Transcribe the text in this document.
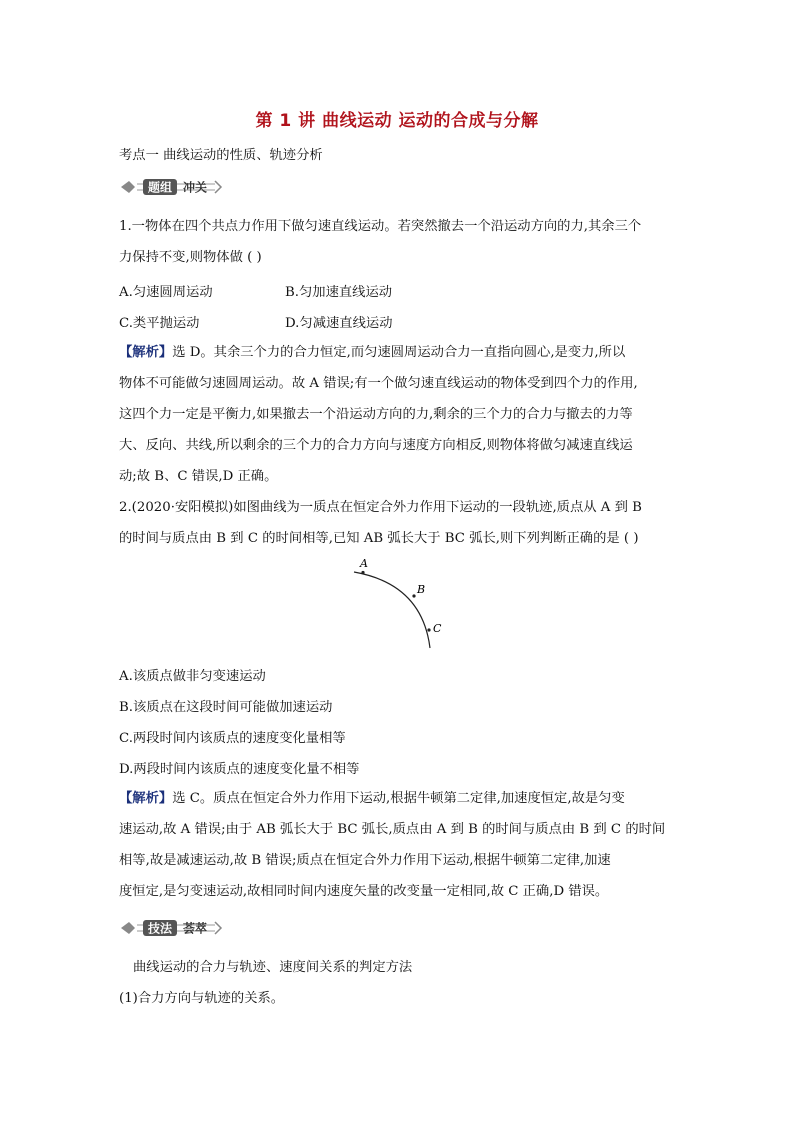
第 1 讲 曲线运动 运动的合成与分解
考点一 曲线运动的性质、轨迹分析
题组 冲关
1.一物体在四个共点力作用下做匀速直线运动。若突然撤去一个沿运动方向的力,其余三个
力保持不变,则物体做 ( )
A.匀速圆周运动	B.匀加速直线运动
C.类平抛运动	D.匀减速直线运动
【解析】选 D。其余三个力的合力恒定,而匀速圆周运动合力一直指向圆心,是变力,所以
物体不可能做匀速圆周运动。故 A 错误;有一个做匀速直线运动的物体受到四个力的作用,
这四个力一定是平衡力,如果撤去一个沿运动方向的力,剩余的三个力的合力与撤去的力等
大、反向、共线,所以剩余的三个力的合力方向与速度方向相反,则物体将做匀减速直线运
动;故 B、C 错误,D 正确。
2.(2020·安阳模拟)如图曲线为一质点在恒定合外力作用下运动的一段轨迹,质点从 A 到 B
的时间与质点由 B 到 C 的时间相等,已知 AB 弧长大于 BC 弧长,则下列判断正确的是 ( )
A
B
C
A.该质点做非匀变速运动
B.该质点在这段时间可能做加速运动
C.两段时间内该质点的速度变化量相等
D.两段时间内该质点的速度变化量不相等
【解析】选 C。质点在恒定合外力作用下运动,根据牛顿第二定律,加速度恒定,故是匀变
速运动,故 A 错误;由于 AB 弧长大于 BC 弧长,质点由 A 到 B 的时间与质点由 B 到 C 的时间
相等,故是减速运动,故 B 错误;质点在恒定合外力作用下运动,根据牛顿第二定律,加速
度恒定,是匀变速运动,故相同时间内速度矢量的改变量一定相同,故 C 正确,D 错误。
技法 荟萃
曲线运动的合力与轨迹、速度间关系的判定方法
(1)合力方向与轨迹的关系。
